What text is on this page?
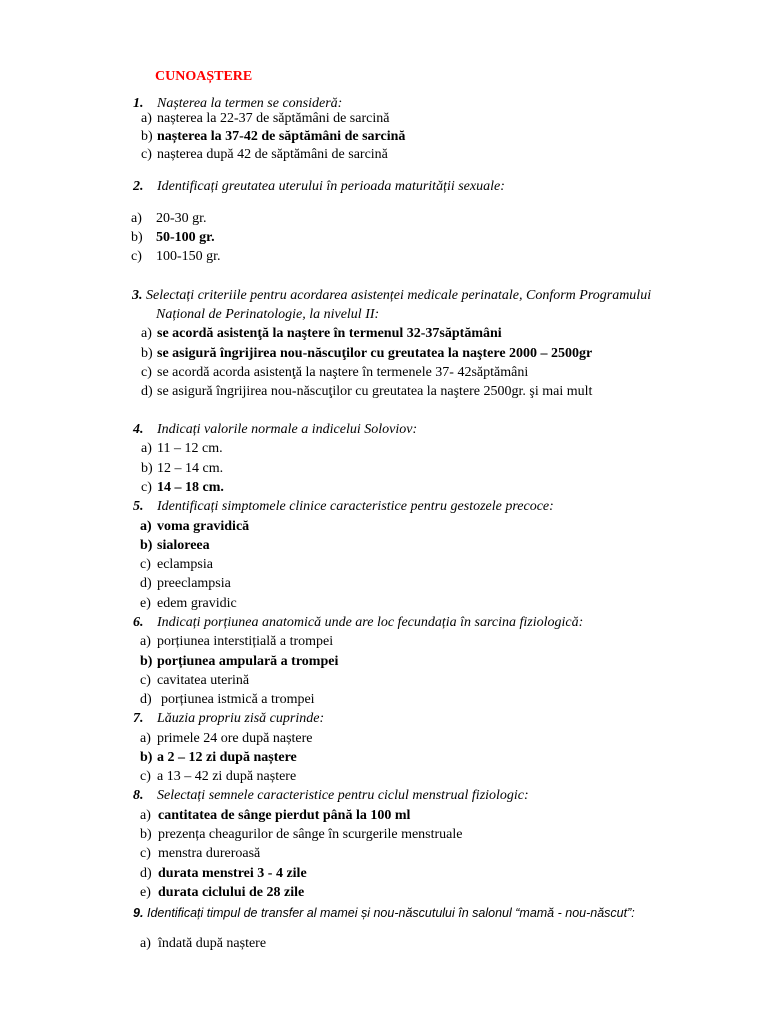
CUNOAȘTERE
1. Nașterea la termen se consideră:
a) nașterea la 22-37 de săptămâni de sarcină
b) nașterea la 37-42 de săptămâni de sarcină
c) nașterea după 42 de săptămâni de sarcină
2. Identificați greutatea uterului în perioada maturității sexuale:
a) 20-30 gr.
b) 50-100 gr.
c) 100-150 gr.
3. Selectați criteriile pentru acordarea asistenței medicale perinatale, Conform Programului
Național de Perinatologie, la nivelul II:
a) se acordă asistenţă la naştere în termenul 32-37săptămâni
b) se asigură îngrijirea nou-născuţilor cu greutatea la naştere 2000 – 2500gr
c) se acordă acorda asistenţă la naştere în termenele 37- 42săptămâni
d) se asigură îngrijirea nou-născuţilor cu greutatea la naştere 2500gr. şi mai mult
4. Indicați valorile normale a indicelui Soloviov:
a) 11 – 12 cm.
b) 12 – 14 cm.
c) 14 – 18 cm.
5. Identificați simptomele clinice caracteristice pentru gestozele precoce:
a) voma gravidică
b) sialoreea
c) eclampsia
d) preeclampsia
e) edem gravidic
6. Indicați porțiunea anatomică unde are loc fecundația în sarcina fiziologică:
a) porțiunea interstițială a trompei
b) porțiunea ampulară a trompei
c) cavitatea uterină
d) porțiunea istmică a trompei
7. Lăuzia propriu zisă cuprinde:
a) primele 24 ore după naștere
b) a 2 – 12 zi după naștere
c) a 13 – 42 zi după naștere
8. Selectați semnele caracteristice pentru ciclul menstrual fiziologic:
a) cantitatea de sânge pierdut până la 100 ml
b) prezența cheagurilor de sânge în scurgerile menstruale
c) menstra dureroasă
d) durata menstrei 3 - 4 zile
e) durata ciclului de 28 zile
9. Identificați timpul de transfer al mamei și nou-născutului în salonul “mamă - nou-născut”:
a) îndată după naștere
